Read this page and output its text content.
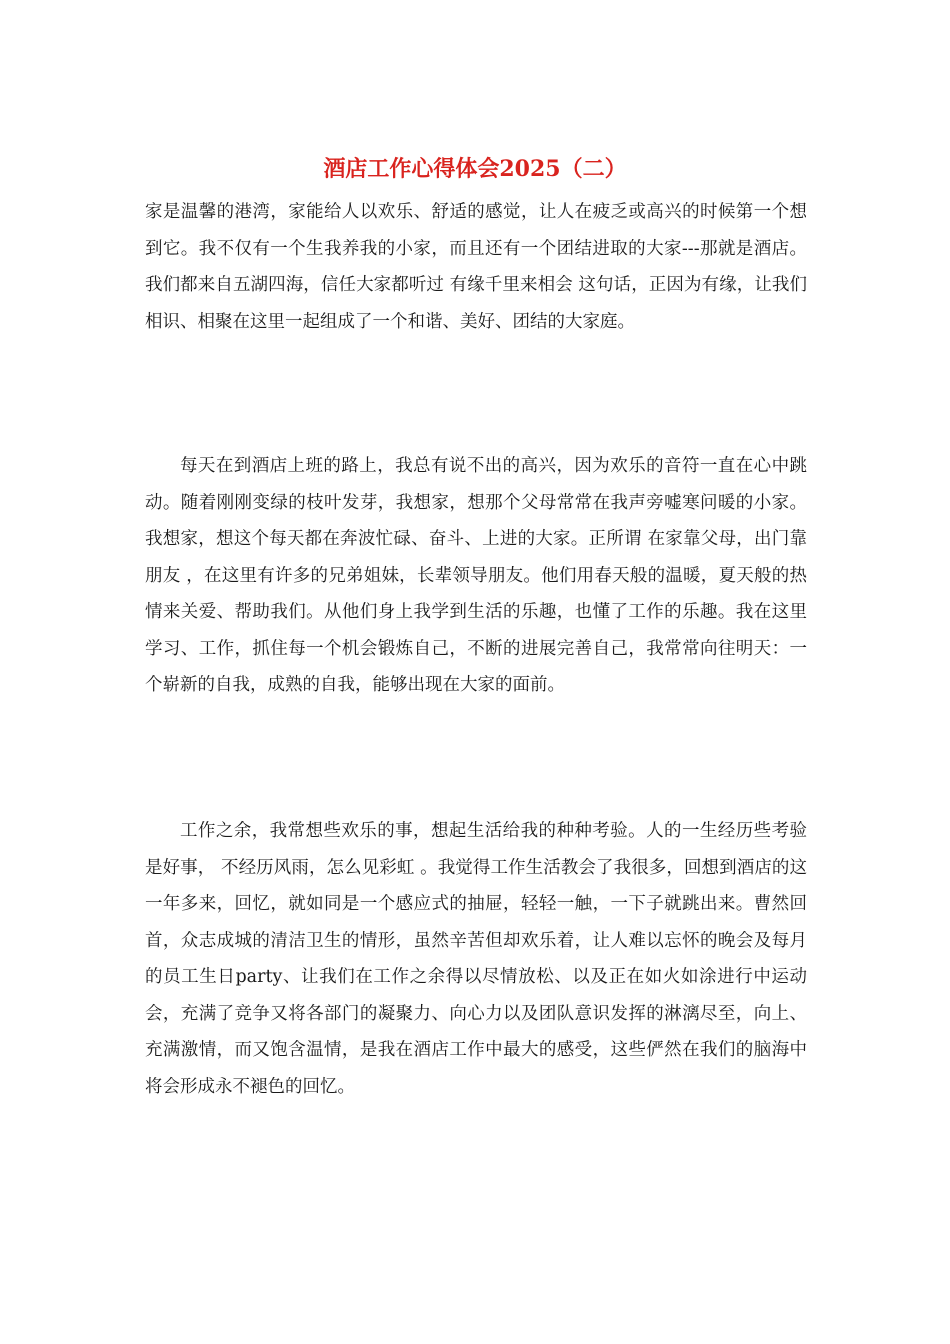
酒店工作心得体会2025（二）

家是温馨的港湾，家能给人以欢乐、舒适的感觉，让人在疲乏或高兴的时候第一个想到它。我不仅有一个生我养我的小家，而且还有一个团结进取的大家---那就是酒店。我们都来自五湖四海，信任大家都听过 有缘千里来相会 这句话，正因为有缘，让我们相识、相聚在这里一起组成了一个和谐、美好、团结的大家庭。

每天在到酒店上班的路上，我总有说不出的高兴，因为欢乐的音符一直在心中跳动。随着刚刚变绿的枝叶发芽，我想家，想那个父母常常在我声旁嘘寒问暖的小家。我想家，想这个每天都在奔波忙碌、奋斗、上进的大家。正所谓 在家靠父母，出门靠朋友 ，在这里有许多的兄弟姐妹，长辈领导朋友。他们用春天般的温暖，夏天般的热情来关爱、帮助我们。从他们身上我学到生活的乐趣，也懂了工作的乐趣。我在这里学习、工作，抓住每一个机会锻炼自己，不断的进展完善自己，我常常向往明天：一个崭新的自我，成熟的自我，能够出现在大家的面前。

工作之余，我常想些欢乐的事，想起生活给我的种种考验。人的一生经历些考验是好事， 不经历风雨，怎么见彩虹 。我觉得工作生活教会了我很多，回想到酒店的这一年多来，回忆，就如同是一个感应式的抽屉，轻轻一触，一下子就跳出来。曹然回首，众志成城的清洁卫生的情形，虽然辛苦但却欢乐着，让人难以忘怀的晚会及每月的员工生日party、让我们在工作之余得以尽情放松、以及正在如火如涂进行中运动会，充满了竞争又将各部门的凝聚力、向心力以及团队意识发挥的淋漓尽至，向上、充满激情，而又饱含温情，是我在酒店工作中最大的感受，这些俨然在我们的脑海中将会形成永不褪色的回忆。
